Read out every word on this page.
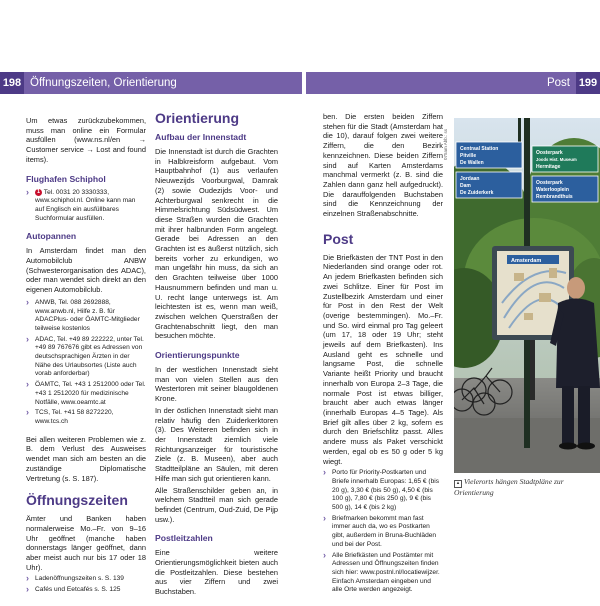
198 Öffnungszeiten, Orientierung	Post 199

Um etwas zurückzubekommen, muss man online ein Formular ausfüllen (www.ns.nl/en → Customer service → Lost and found items).

Flughafen Schiphol
› 1 Tel. 0031 20 3330333, www.schiphol.nl. Online kann man auf Englisch ein ausfüllbares Suchformular ausfüllen.
Autopannen

In Amsterdam findet man den Automobilclub ANBW (Schwesterorganisation des ADAC), oder man wendet sich direkt an den eigenen Automobilclub.

› ANWB, Tel. 088 2692888, www.anwb.nl, Hilfe z. B. für ADACPlus- oder ÖAMTC-Mitglieder teilweise kostenlos
› ADAC, Tel. +49 89 222222, unter Tel. +49 89 767676 gibt es Adressen von deutschsprachigen Ärzten in der Nähe des Urlaubsortes (Liste auch vorab anforderbar)
› ÖAMTC, Tel. +43 1 2512000 oder Tel. +43 1 2512020 für medizinische Notfälle, www.oeamtc.at
› TCS, Tel. +41 58 8272220, www.tcs.ch

Bei allen weiteren Problemen wie z. B. dem Verlust des Ausweises wendet man sich am besten an die zuständige Diplomatische Vertretung (s. S. 187).

Öffnungszeiten

Ämter und Banken haben normalerweise Mo.–Fr. von 9–16 Uhr geöffnet (manche haben donnerstags länger geöffnet, dann aber meist auch nur bis 17 oder 18 Uhr).

› Ladenöffnungszeiten s. S. 139
› Cafés und Eetcafés s. S. 125
Orientierung
Aufbau der Innenstadt

Die Innenstadt ist durch die Grachten in Halbkreisform aufgebaut. Vom Hauptbahnhof (1) aus verlaufen Nieuwezijds Voorburgwal, Damrak (2) sowie Oudezijds Voor- und Achterburgwal senkrecht in die Himmelsrichtung Südsüdwest. Um diese Straßen wurden die Grachten mit ihrer halbrunden Form angelegt. Gerade bei Adressen an den Grachten ist es äußerst nützlich, sich bereits vorher zu erkundigen, wo man ungefähr hin muss, da sich an den Grachten teilweise über 1000 Hausnummern befinden und man u. U. recht lange unterwegs ist. Am leichtesten ist es, wenn man weiß, zwischen welchen Querstraßen der Grachtenabschnitt liegt, den man besuchen möchte.

Orientierungspunkte

In der westlichen Innenstadt sieht man von vielen Stellen aus den Westertoren mit seiner blaugoldenen Krone.

In der östlichen Innenstadt sieht man relativ häufig den Zuiderkerktoren (3). Des Weiteren befinden sich in der Innenstadt ziemlich viele Richtungsanzeiger für touristische Ziele (z. B. Museen), aber auch Stadtteilpläne an Säulen, mit deren Hilfe man sich gut orientieren kann.

Alle Straßenschilder geben an, in welchem Stadtteil man sich gerade befindet (Centrum, Oud-Zuid, De Pijp usw.).

Postleitzahlen

Eine weitere Orientierungsmöglichkeit bieten auch die Postleitzahlen. Diese bestehen aus vier Ziffern und zwei Buchstaben.

ben. Die ersten beiden Ziffern stehen für die Stadt (Amsterdam hat die 10), darauf folgen zwei weitere Ziffern, die den Bezirk kennzeichnen. Diese beiden Ziffern sind auf Karten Amsterdams manchmal vermerkt (z. B. sind die Zahlen dann ganz hell aufgedruckt). Die darauffolgenden Buchstaben sind die Kennzeichnung der einzelnen Straßenabschnitte.

Post

Die Briefkästen der TNT Post in den Niederlanden sind orange oder rot. An jedem Briefkasten befinden sich zwei Schlitze. Einer für Post im Zustellbezirk Amsterdam und einer für Post in den Rest der Welt (overige bestemmingen). Mo.–Fr. und So. wird einmal pro Tag geleert (um 17, 18 oder 19 Uhr; steht jeweils auf dem Briefkasten). Ins Ausland geht es schnelle und langsame Post, die schnelle Variante heißt Priority und braucht innerhalb von Europa 2–3 Tage, die normale Post ist etwas billiger, braucht aber auch etwas länger (innerhalb Europas 4–5 Tage). Als Brief gilt alles über 2 kg, sofern es durch den Briefschlitz passt. Alles andere muss als Paket verschickt werden, egal ob es 50 g oder 5 kg wiegt.

› Porto für Priority-Postkarten und Briefe innerhalb Europas: 1,65 € (bis 20 g), 3,30 € (bis 50 g), 4,50 € (bis 100 g), 7,80 € (bis 250 g), 9 € (bis 500 g), 14 € (bis 2 kg)
› Briefmarken bekommt man fast immer auch da, wo es Postkarten gibt, außerdem in Bruna-Buchläden und bei der Post.
› Alle Briefkästen und Postämter mit Adressen und Öffnungszeiten finden sich hier: www.postnl.nl/locatiewijzer. Einfach Amsterdam eingeben und alle Orte werden angezeigt.
075am Abb.: ss	Centraal Station
Pitville
De Wallen
Oosterpark
Joods Hist. Museum
Hermitage
Jordaan
Dam
De Zuiderkerk
Oosterpark
Waterlooplein
Rembrandthuis
Amsterdam
▴ Vielerorts hängen Stadtpläne zur Orientierung
